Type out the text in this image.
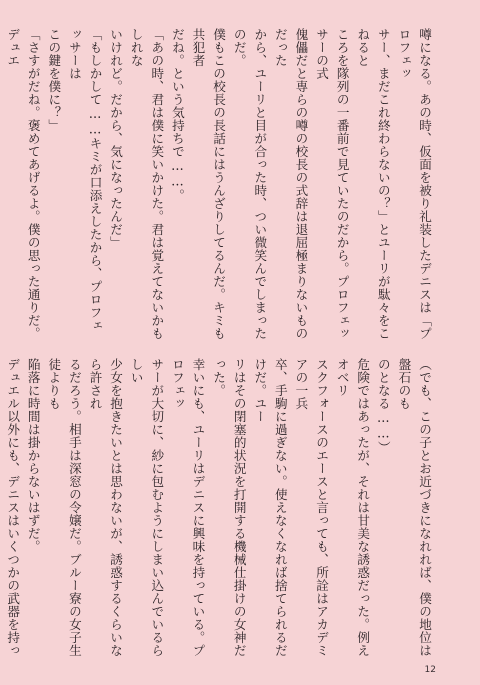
噂になる。あの時、仮面を被り礼装したデニスは「プロフェッ

サー、まだこれ終わらないの？」とユーリが駄々をこねると

ころを隊列の一番前で見ていたのだから。プロフェッサーの式

傀儡だと専らの噂の校長の式辞は退屈極まりないものだった

から、ユーリと目が合った時、つい微笑んでしまったのだ。

僕もこの校長の長話にはうんざりしてるんだ。キミも共犯者

だね。という気持ちで……。

「あの時、君は僕に笑いかけた。君は覚えてないかもしれな

いけれど。だから、気になったんだ」

「もしかして……キミが口添えしたから、プロフェッサーは

この鍵を僕に？」

「さすがだね。褒めてあげるよ。僕の思った通りだ。デュエ

（でも、この子とお近づきになれれば、僕の地位は盤石のも

のとなる……）

危険ではあったが、それは甘美な誘惑だった。例えオベリ

スクフォースのエースと言っても、所詮はアカデミアの一兵

卒、手駒に過ぎない。使えなくなれば捨てられるだけだ。ユー

リはその閉塞的状況を打開する機械仕掛けの女神だった。

幸いにも、ユーリはデニスに興味を持っている。プロフェッ

サーが大切に、紗に包むようにしまい込んでいるらしい

少女を抱きたいとは思わないが、誘惑するくらいなら許され

るだろう。相手は深窓の令嬢だ。ブルー寮の女子生徒よりも

陥落に時間は掛からないはずだ。

デュエル以外にも、デニスはいくつかの武器を持っ

12
